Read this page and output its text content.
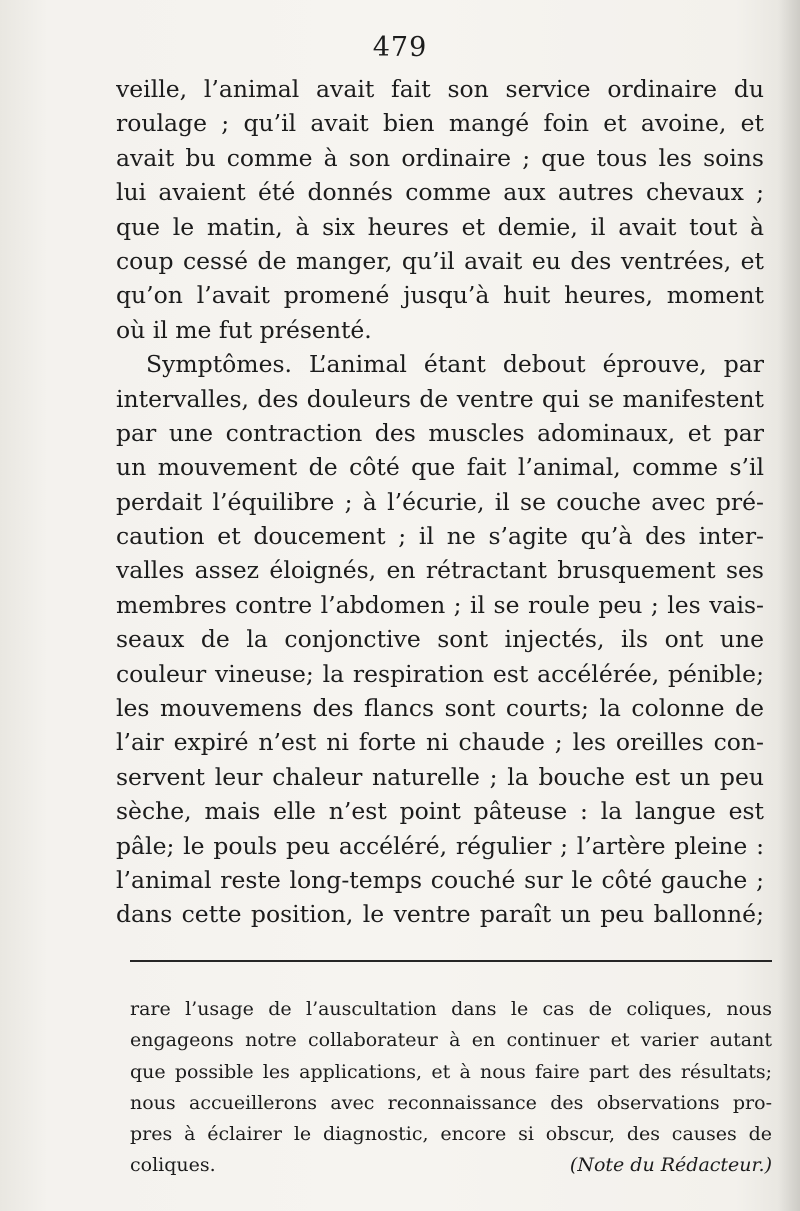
479
veille, l’animal avait fait son service ordinaire du
roulage ; qu’il avait bien mangé foin et avoine, et
avait bu comme à son ordinaire ; que tous les soins
lui avaient été donnés comme aux autres chevaux ;
que le matin, à six heures et demie, il avait tout à
coup cessé de manger, qu’il avait eu des ventrées, et
qu’on l’avait promené jusqu’à huit heures, moment
où il me fut présenté.
Symptômes. L’animal étant debout éprouve, par
intervalles, des douleurs de ventre qui se manifestent
par une contraction des muscles adominaux, et par
un mouvement de côté que fait l’animal, comme s’il
perdait l’équilibre ; à l’écurie, il se couche avec pré-
caution et doucement ; il ne s’agite qu’à des inter-
valles assez éloignés, en rétractant brusquement ses
membres contre l’abdomen ; il se roule peu ; les vais-
seaux de la conjonctive sont injectés, ils ont une
couleur vineuse; la respiration est accélérée, pénible;
les mouvemens des flancs sont courts; la colonne de
l’air expiré n’est ni forte ni chaude ; les oreilles con-
servent leur chaleur naturelle ; la bouche est un peu
sèche, mais elle n’est point pâteuse : la langue est
pâle; le pouls peu accéléré, régulier ; l’artère pleine :
l’animal reste long-temps couché sur le côté gauche ;
dans cette position, le ventre paraît un peu ballonné;
rare l’usage de l’auscultation dans le cas de coliques, nous
engageons notre collaborateur à en continuer et varier autant
que possible les applications, et à nous faire part des résultats;
nous accueillerons avec reconnaissance des observations pro-
pres à éclairer le diagnostic, encore si obscur, des causes de
coliques.	(Note du Rédacteur.)
